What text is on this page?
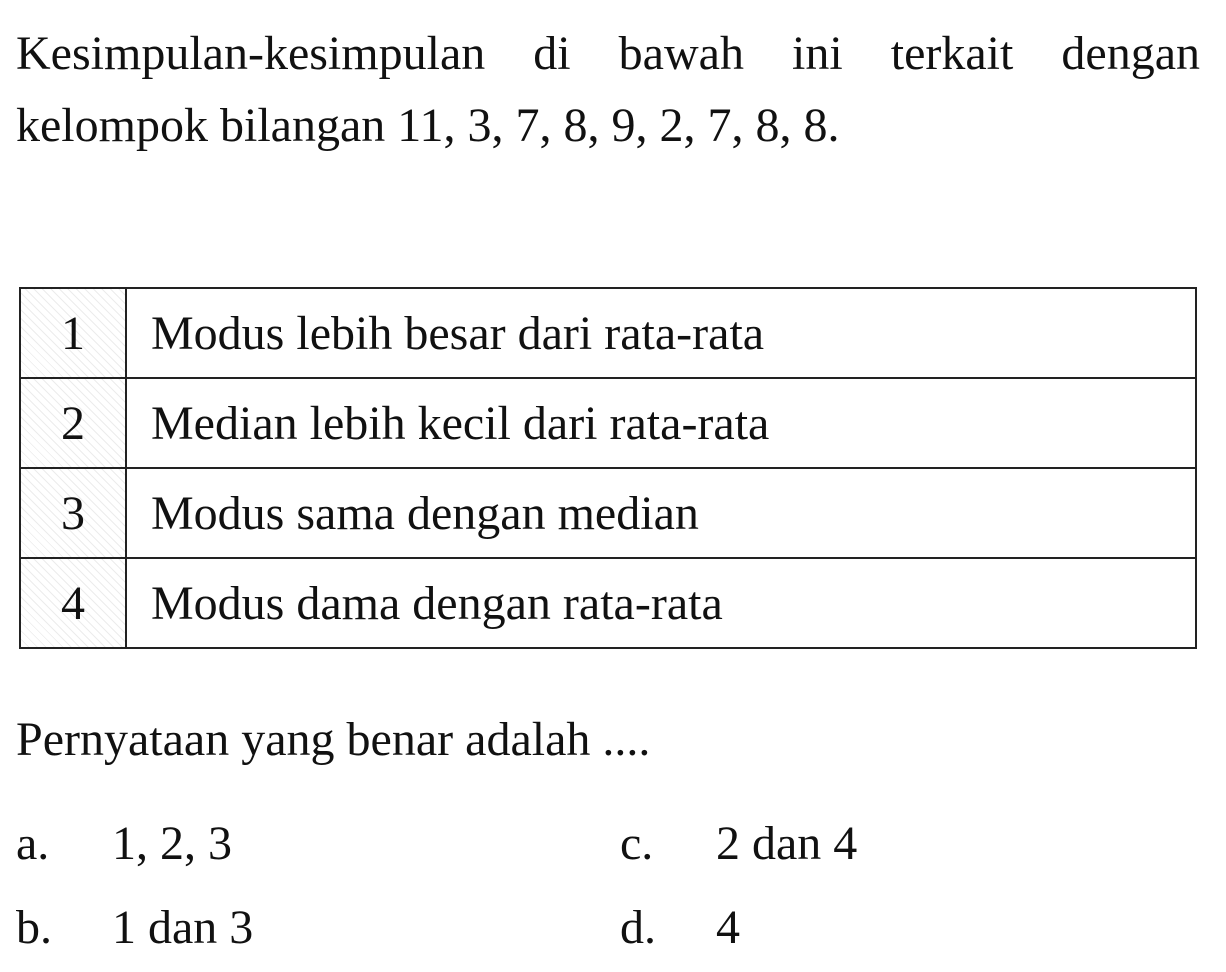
Kesimpulan-kesimpulan di bawah ini terkait dengan kelompok bilangan 11, 3, 7, 8, 9, 2, 7, 8, 8.
1	Modus lebih besar dari rata-rata
2	Median lebih kecil dari rata-rata
3	Modus sama dengan median
4	Modus dama dengan rata-rata
Pernyataan yang benar adalah ....
a. 1, 2, 3
b. 1 dan 3
c. 2 dan 4
d. 4
